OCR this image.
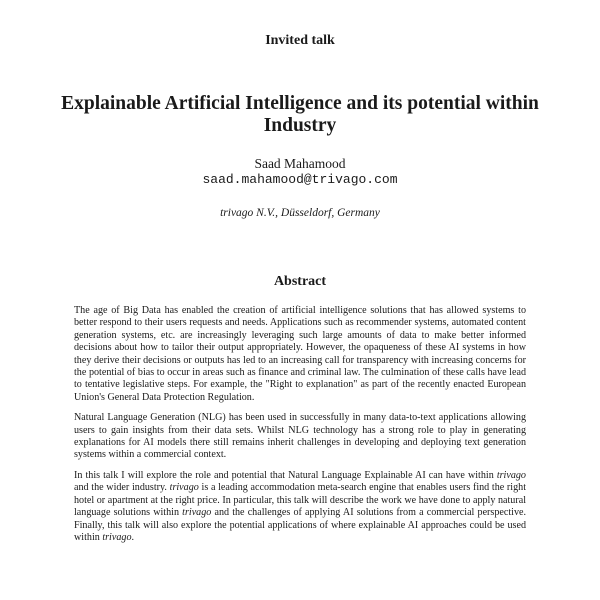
Invited talk
Explainable Artificial Intelligence and its potential within Industry
Saad Mahamood
saad.mahamood@trivago.com
trivago N.V., Düsseldorf, Germany
Abstract

The age of Big Data has enabled the creation of artificial intelligence solutions that has allowed systems to better respond to their users requests and needs. Applications such as recommender systems, automated content generation systems, etc. are increasingly leveraging such large amounts of data to make better informed decisions about how to tailor their output appropriately. However, the opaqueness of these AI systems in how they derive their decisions or outputs has led to an increasing call for transparency with increasing concerns for the potential of bias to occur in areas such as finance and criminal law. The culmination of these calls have lead to tentative legislative steps. For example, the "Right to explanation" as part of the recently enacted European Union's General Data Protection Regulation.

Natural Language Generation (NLG) has been used in successfully in many data-to-text applications allowing users to gain insights from their data sets. Whilst NLG technology has a strong role to play in generating explanations for AI models there still remains inherit challenges in developing and deploying text generation systems within a commercial context.

In this talk I will explore the role and potential that Natural Language Explainable AI can have within trivago and the wider industry. trivago is a leading accommodation meta-search engine that enables users find the right hotel or apartment at the right price. In particular, this talk will describe the work we have done to apply natural language solutions within trivago and the challenges of applying AI solutions from a commercial perspective. Finally, this talk will also explore the potential applications of where explainable AI approaches could be used within trivago.
